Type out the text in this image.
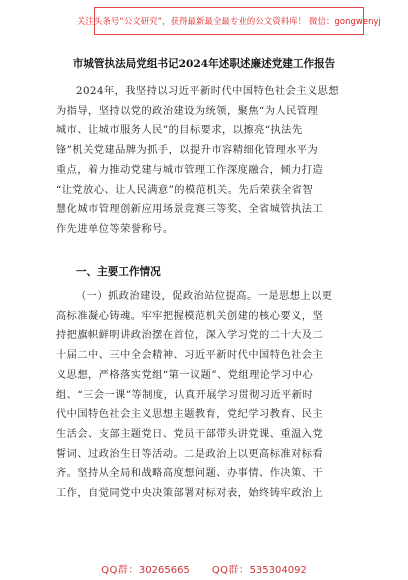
关注头条号“公文研究”，获得最新最全最专业的公文资料库！ 微信：gongwenyj
市城管执法局党组书记2024年述职述廉述党建工作报告
2024年，我坚持以习近平新时代中国特色社会主义思想
为指导，坚持以党的政治建设为统领，聚焦“为人民管理
城市、让城市服务人民”的目标要求，以擦亮“执法先
锋”机关党建品牌为抓手，以提升市容精细化管理水平为
重点，着力推动党建与城市管理工作深度融合，倾力打造
“让党放心、让人民满意”的模范机关。先后荣获全省智
慧化城市管理创新应用场景竞赛三等奖、全省城管执法工
作先进单位等荣誉称号。
一、主要工作情况
（一）抓政治建设，促政治站位提高。一是思想上以更
高标准凝心铸魂。牢牢把握模范机关创建的核心要义，坚
持把旗帜鲜明讲政治摆在首位，深入学习党的二十大及二
十届二中、三中全会精神、习近平新时代中国特色社会主
义思想，严格落实党组“第一议题”、党组理论学习中心
组、“三会一课”等制度，认真开展学习贯彻习近平新时
代中国特色社会主义思想主题教育，党纪学习教育、民主
生活会、支部主题党日、党员干部带头讲党课、重温入党
誓词、过政治生日等活动。二是政治上以更高标准对标看
齐。坚持从全局和战略高度想问题、办事情、作决策、干
工作，自觉同党中央决策部署对标对表，始终铸牢政治上
QQ群：30265665 QQ群：535304092
